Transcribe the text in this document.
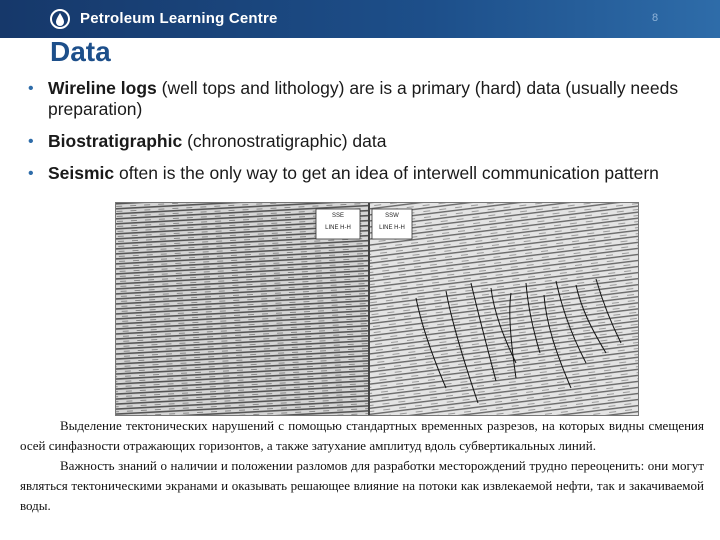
Petroleum Learning Centre	8
Data
• Wireline logs (well tops and lithology) are is a primary (hard) data (usually needs preparation)
• Biostratigraphic (chronostratigraphic) data
• Seismic often is the only way to get an idea of interwell communication pattern
SSE
LINE H-H
SSW
LINE H-H

Выделение тектонических нарушений с помощью стандартных временных разрезов, на которых видны смещения осей синфазности отражающих горизонтов, а также затухание амплитуд вдоль субвертикальных линий.

Важность знаний о наличии и положении разломов для разработки месторождений трудно переоценить: они могут являться тектоническими экранами и оказывать решающее влияние на потоки как извлекаемой нефти, так и закачиваемой воды.
